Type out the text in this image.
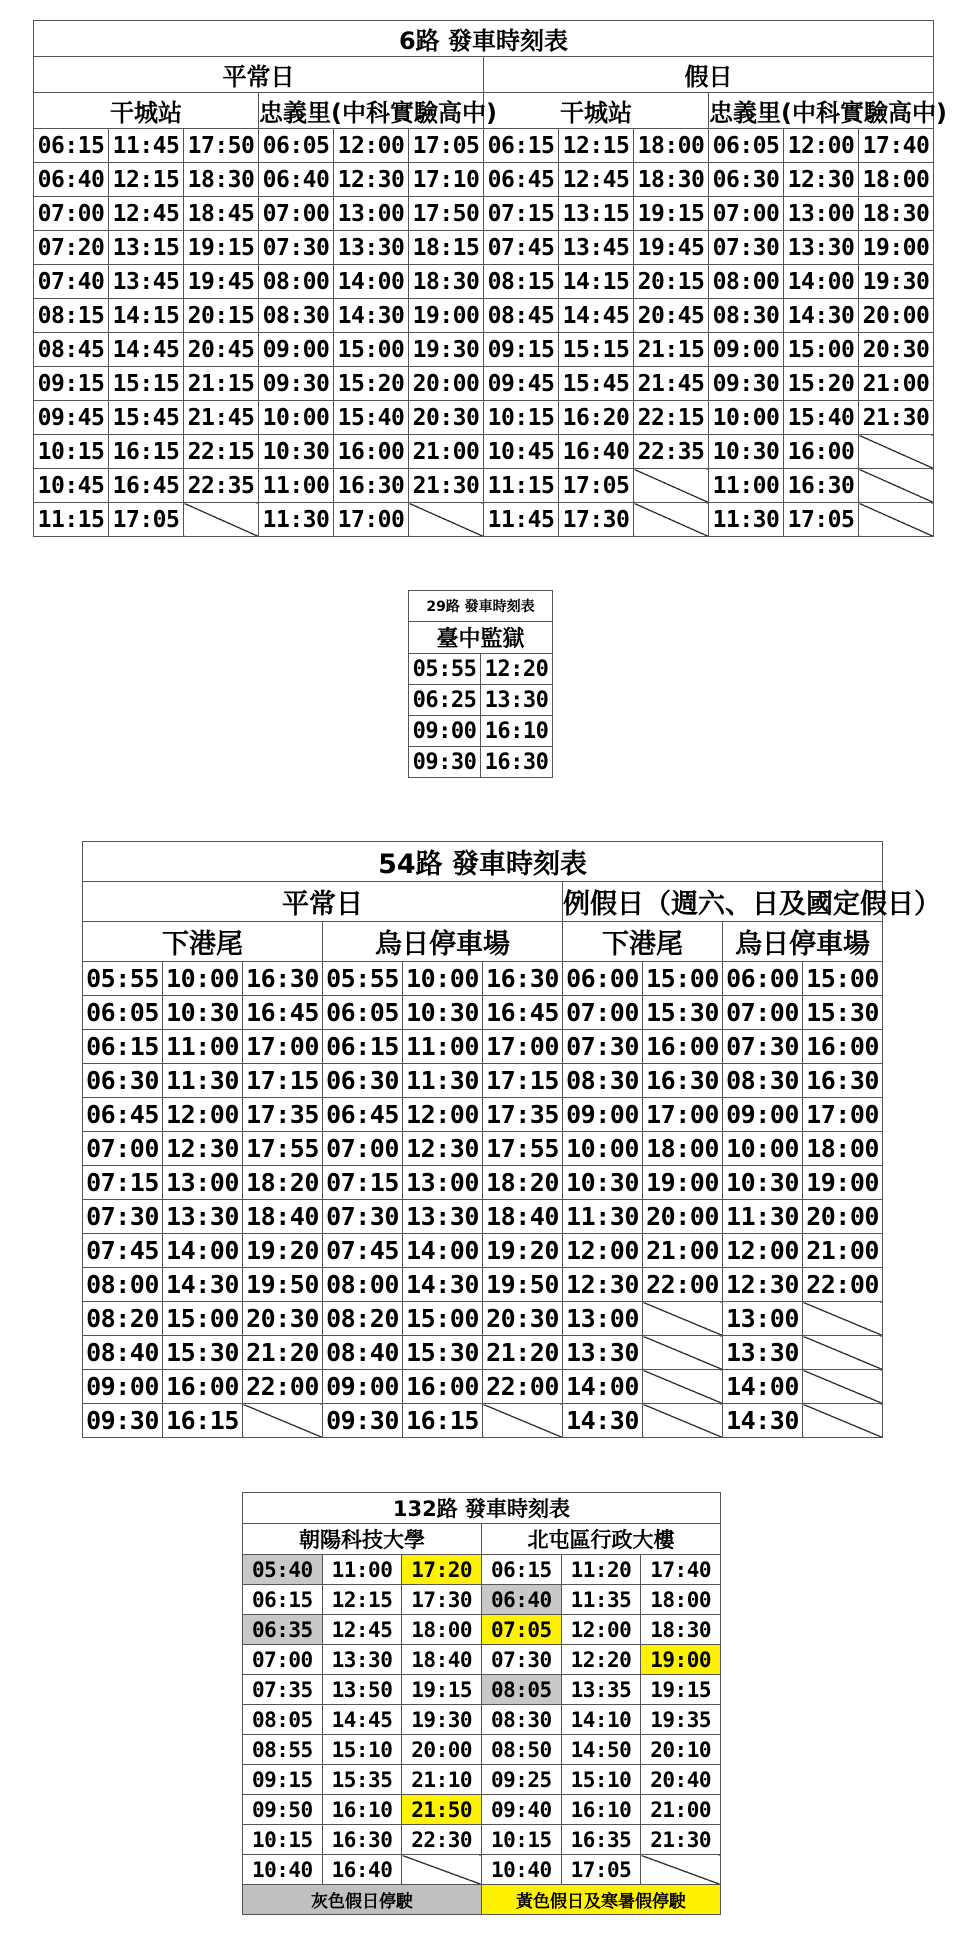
6路 發車時刻表											
平常日						假日					
干城站			忠義里(中科實驗高中)			干城站			忠義里(中科實驗高中)		
06:15	11:45	17:50	06:05	12:00	17:05	06:15	12:15	18:00	06:05	12:00	17:40
06:40	12:15	18:30	06:40	12:30	17:10	06:45	12:45	18:30	06:30	12:30	18:00
07:00	12:45	18:45	07:00	13:00	17:50	07:15	13:15	19:15	07:00	13:00	18:30
07:20	13:15	19:15	07:30	13:30	18:15	07:45	13:45	19:45	07:30	13:30	19:00
07:40	13:45	19:45	08:00	14:00	18:30	08:15	14:15	20:15	08:00	14:00	19:30
08:15	14:15	20:15	08:30	14:30	19:00	08:45	14:45	20:45	08:30	14:30	20:00
08:45	14:45	20:45	09:00	15:00	19:30	09:15	15:15	21:15	09:00	15:00	20:30
09:15	15:15	21:15	09:30	15:20	20:00	09:45	15:45	21:45	09:30	15:20	21:00
09:45	15:45	21:45	10:00	15:40	20:30	10:15	16:20	22:15	10:00	15:40	21:30
10:15	16:15	22:15	10:30	16:00	21:00	10:45	16:40	22:35	10:30	16:00	
10:45	16:45	22:35	11:00	16:30	21:30	11:15	17:05		11:00	16:30	
11:15	17:05		11:30	17:00		11:45	17:30		11:30	17:05	
29路 發車時刻表	
臺中監獄	
05:55	12:20
06:25	13:30
09:00	16:10
09:30	16:30
54路 發車時刻表									
平常日						例假日（週六、日及國定假日）			
下港尾			烏日停車場			下港尾		烏日停車場	
05:55	10:00	16:30	05:55	10:00	16:30	06:00	15:00	06:00	15:00
06:05	10:30	16:45	06:05	10:30	16:45	07:00	15:30	07:00	15:30
06:15	11:00	17:00	06:15	11:00	17:00	07:30	16:00	07:30	16:00
06:30	11:30	17:15	06:30	11:30	17:15	08:30	16:30	08:30	16:30
06:45	12:00	17:35	06:45	12:00	17:35	09:00	17:00	09:00	17:00
07:00	12:30	17:55	07:00	12:30	17:55	10:00	18:00	10:00	18:00
07:15	13:00	18:20	07:15	13:00	18:20	10:30	19:00	10:30	19:00
07:30	13:30	18:40	07:30	13:30	18:40	11:30	20:00	11:30	20:00
07:45	14:00	19:20	07:45	14:00	19:20	12:00	21:00	12:00	21:00
08:00	14:30	19:50	08:00	14:30	19:50	12:30	22:00	12:30	22:00
08:20	15:00	20:30	08:20	15:00	20:30	13:00		13:00	
08:40	15:30	21:20	08:40	15:30	21:20	13:30		13:30	
09:00	16:00	22:00	09:00	16:00	22:00	14:00		14:00	
09:30	16:15		09:30	16:15		14:30		14:30	
132路 發車時刻表					
朝陽科技大學			北屯區行政大樓		
05:40	11:00	17:20	06:15	11:20	17:40
06:15	12:15	17:30	06:40	11:35	18:00
06:35	12:45	18:00	07:05	12:00	18:30
07:00	13:30	18:40	07:30	12:20	19:00
07:35	13:50	19:15	08:05	13:35	19:15
08:05	14:45	19:30	08:30	14:10	19:35
08:55	15:10	20:00	08:50	14:50	20:10
09:15	15:35	21:10	09:25	15:10	20:40
09:50	16:10	21:50	09:40	16:10	21:00
10:15	16:30	22:30	10:15	16:35	21:30
10:40	16:40		10:40	17:05	
灰色假日停駛			黃色假日及寒暑假停駛		
